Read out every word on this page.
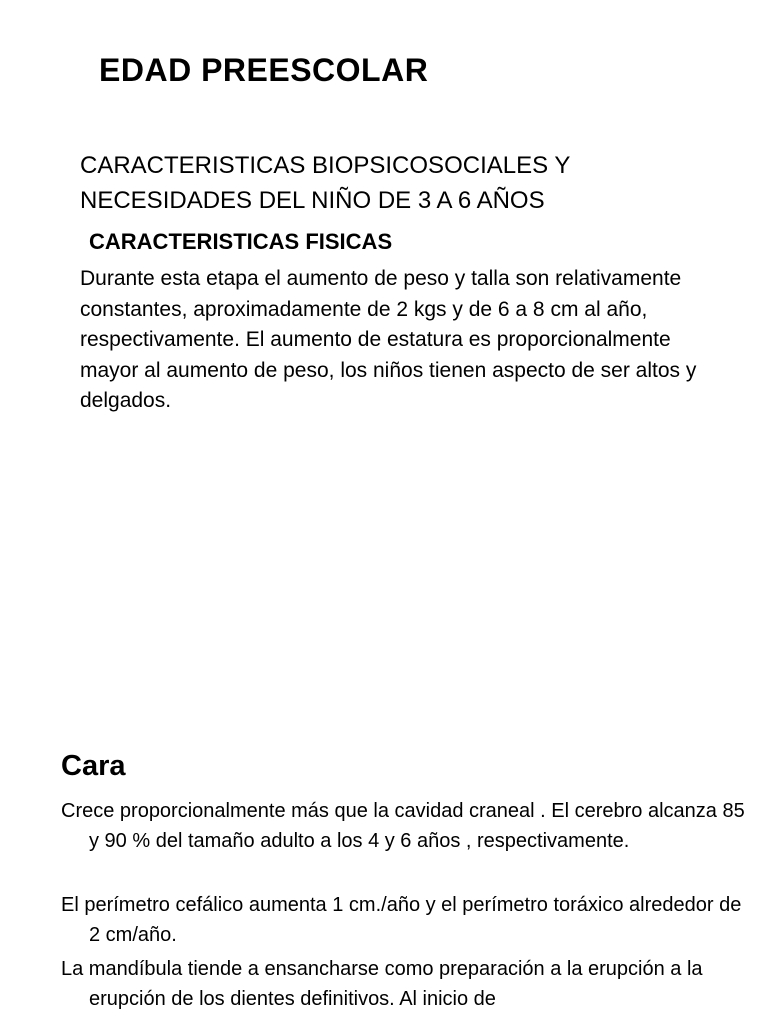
EDAD PREESCOLAR
CARACTERISTICAS BIOPSICOSOCIALES Y
NECESIDADES DEL NIÑO DE 3 A 6 AÑOS
CARACTERISTICAS FISICAS

Durante esta etapa el aumento de peso y talla son relativamente constantes, aproximadamente de 2 kgs y de 6 a 8 cm al año, respectivamente. El aumento de estatura es proporcionalmente mayor al aumento de peso, los niños tienen aspecto de ser altos y delgados.

Cara

Crece proporcionalmente más que la cavidad craneal . El cerebro alcanza 85 y 90 % del tamaño adulto a los 4 y 6 años , respectivamente.

El perímetro cefálico aumenta 1 cm./año y el perímetro toráxico alrededor de 2 cm/año.

La mandíbula tiende a ensancharse como preparación a la erupción a la erupción de los dientes definitivos. Al inicio de
